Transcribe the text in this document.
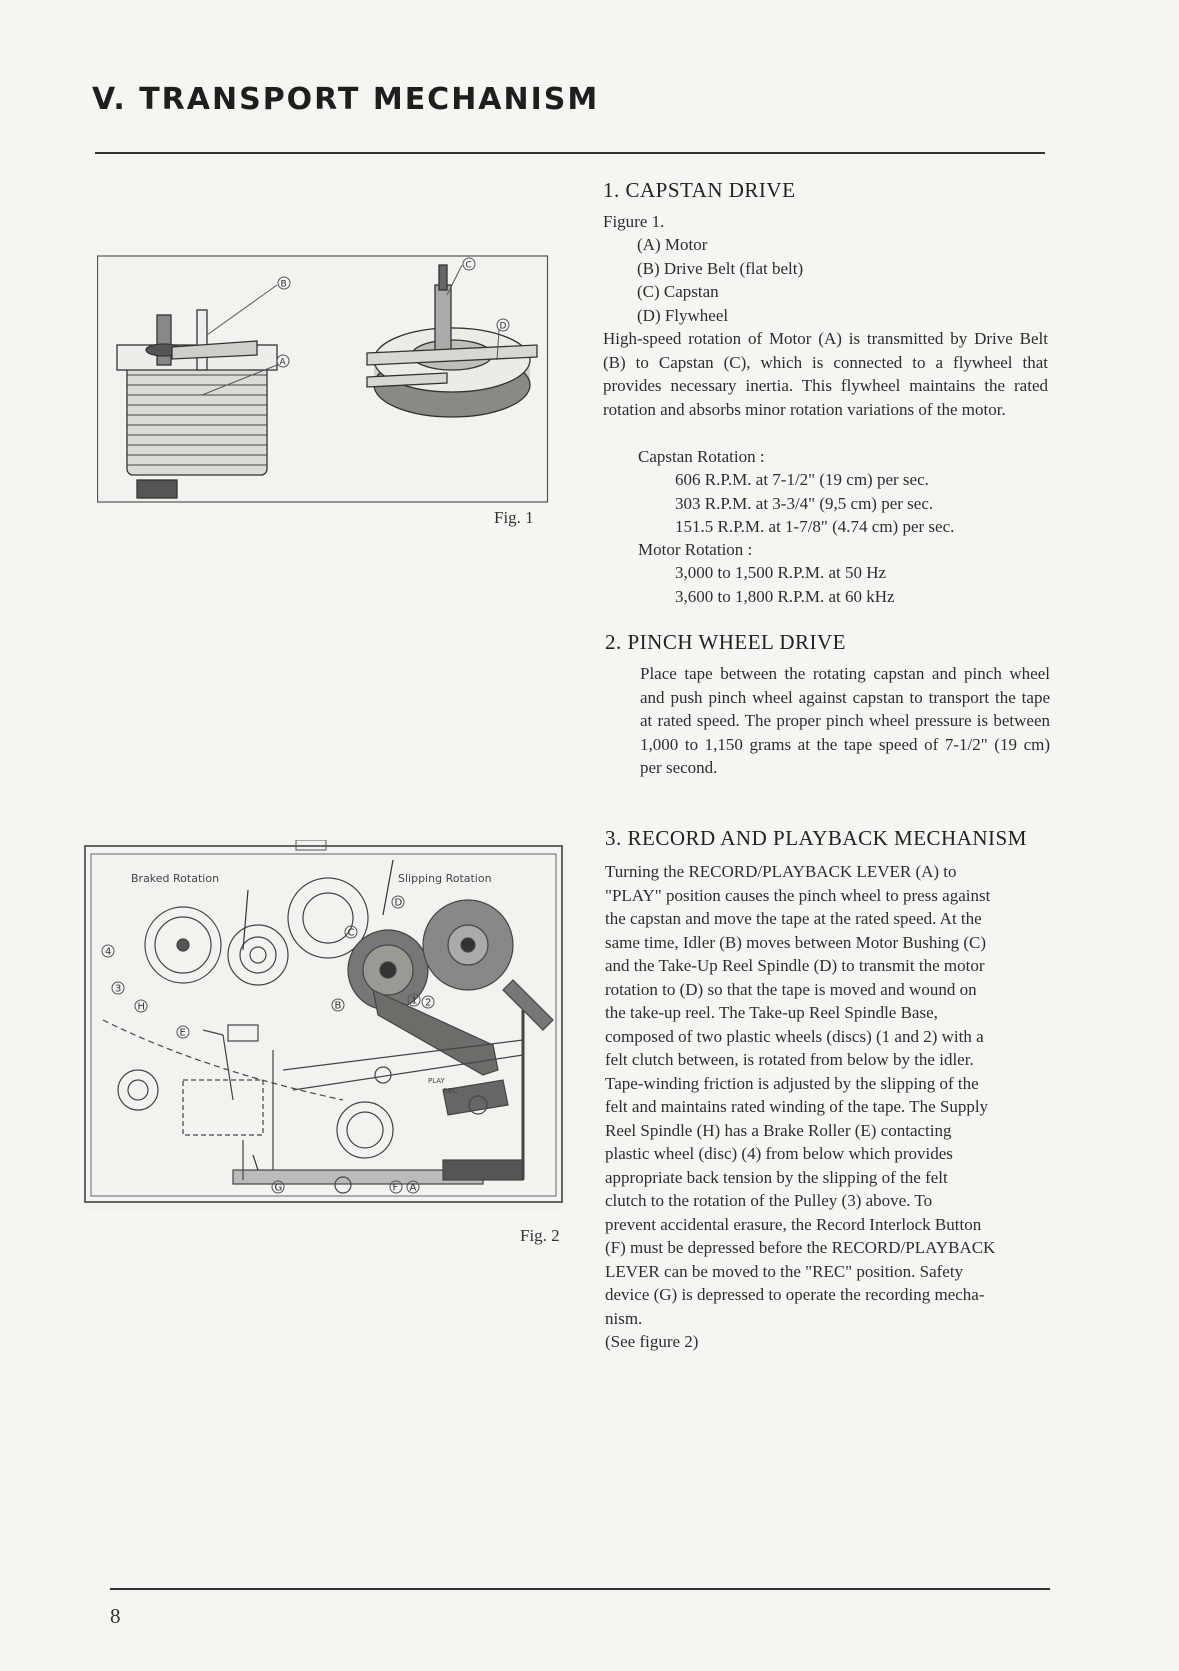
V. TRANSPORT MECHANISM
B
C
D
A
Fig. 1
Braked Rotation	Slipping Rotation
PLAY
REC
D
C
B	1 2
4
3
H
E
G	F A
Fig. 2
1. CAPSTAN DRIVE
Figure 1.
(A) Motor
(B) Drive Belt (flat belt)
(C) Capstan
(D) Flywheel
High-speed rotation of Motor (A) is transmitted by Drive Belt (B) to Capstan (C), which is connected to a flywheel that provides necessary inertia. This flywheel maintains the rated rotation and absorbs minor rotation variations of the motor.
Capstan Rotation :
606 R.P.M. at 7-1/2" (19 cm) per sec.
303 R.P.M. at 3-3/4" (9,5 cm) per sec.
151.5 R.P.M. at 1-7/8" (4.74 cm) per sec.
Motor Rotation :
3,000 to 1,500 R.P.M. at 50 Hz
3,600 to 1,800 R.P.M. at 60 kHz
2. PINCH WHEEL DRIVE
Place tape between the rotating capstan and pinch wheel and push pinch wheel against capstan to transport the tape at rated speed. The proper pinch wheel pressure is between 1,000 to 1,150 grams at the tape speed of 7-1/2" (19 cm) per second.
3. RECORD AND PLAYBACK MECHANISM
Turning the RECORD/PLAYBACK LEVER (A) to
"PLAY" position causes the pinch wheel to press against
the capstan and move the tape at the rated speed. At the
same time, Idler (B) moves between Motor Bushing (C)
and the Take-Up Reel Spindle (D) to transmit the motor
rotation to (D) so that the tape is moved and wound on
the take-up reel. The Take-up Reel Spindle Base,
composed of two plastic wheels (discs) (1 and 2) with a
felt clutch between, is rotated from below by the idler.
Tape-winding friction is adjusted by the slipping of the
felt and maintains rated winding of the tape. The Supply
Reel Spindle (H) has a Brake Roller (E) contacting
plastic wheel (disc) (4) from below which provides
appropriate back tension by the slipping of the felt
clutch to the rotation of the Pulley (3) above. To
prevent accidental erasure, the Record Interlock Button
(F) must be depressed before the RECORD/PLAYBACK
LEVER can be moved to the "REC" position. Safety
device (G) is depressed to operate the recording mecha-
nism.
(See figure 2)
8
